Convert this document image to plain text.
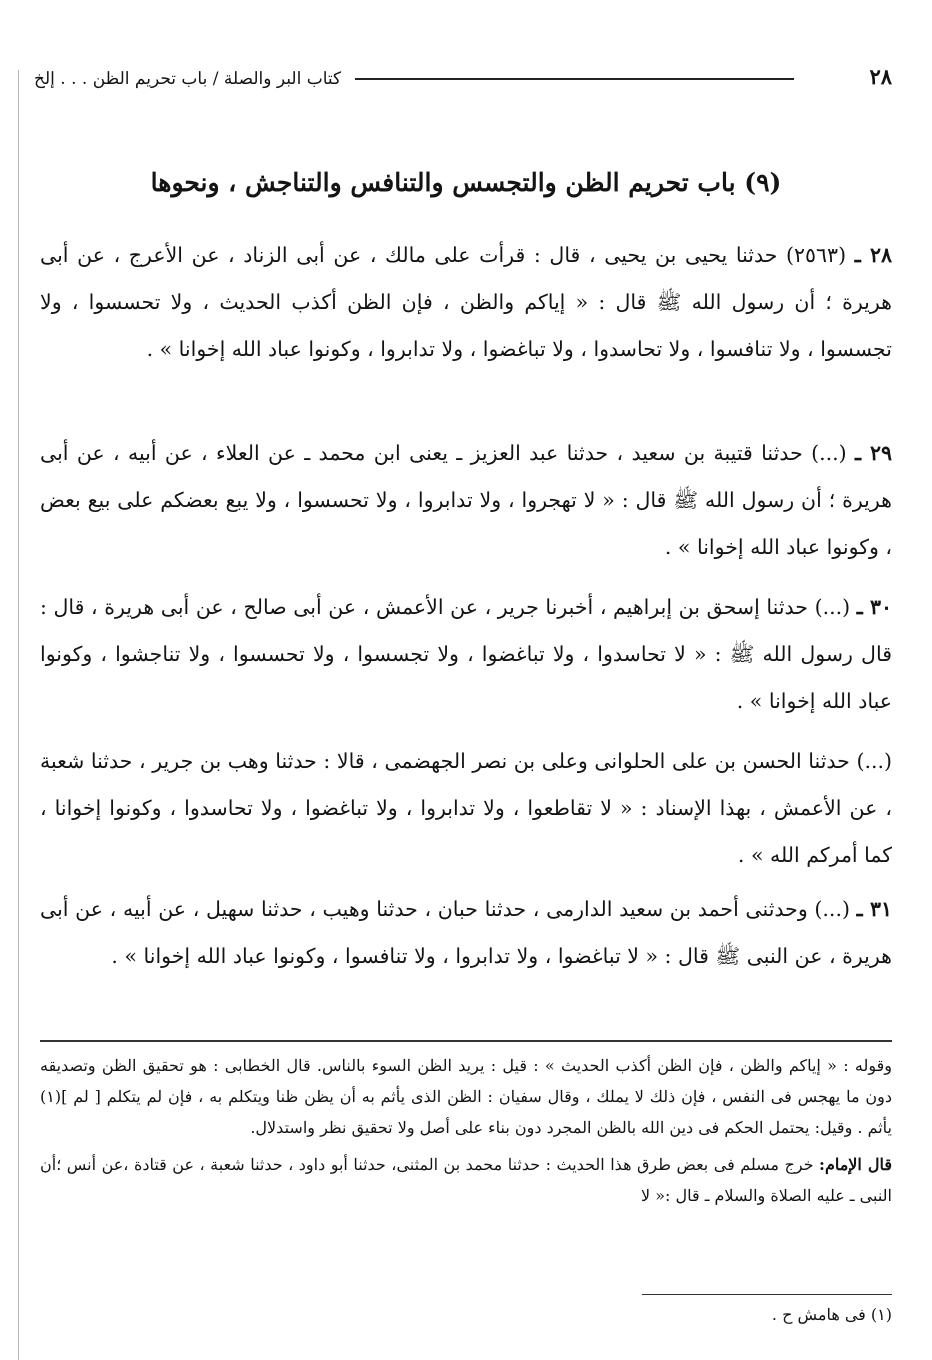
٢٨
كتاب البر والصلة / باب تحريم الظن . . . إلخ
(٩) باب تحريم الظن والتجسس والتنافس والتناجش ، ونحوها
٢٨ ـ (٢٥٦٣) حدثنا يحيى بن يحيى ، قال : قرأت على مالك ، عن أبى الزناد ، عن الأعرج ، عن أبى هريرة ؛ أن رسول الله ﷺ قال : « إياكم والظن ، فإن الظن أكذب الحديث ، ولا تحسسوا ، ولا تجسسوا ، ولا تنافسوا ، ولا تحاسدوا ، ولا تباغضوا ، ولا تدابروا ، وكونوا عباد الله إخوانا » .
٢٩ ـ (...) حدثنا قتيبة بن سعيد ، حدثنا عبد العزيز ـ يعنى ابن محمد ـ عن العلاء ، عن أبيه ، عن أبى هريرة ؛ أن رسول الله ﷺ قال : « لا تهجروا ، ولا تدابروا ، ولا تحسسوا ، ولا يبع بعضكم على بيع بعض ، وكونوا عباد الله إخوانا » .
٣٠ ـ (...) حدثنا إسحق بن إبراهيم ، أخبرنا جرير ، عن الأعمش ، عن أبى صالح ، عن أبى هريرة ، قال : قال رسول الله ﷺ : « لا تحاسدوا ، ولا تباغضوا ، ولا تجسسوا ، ولا تحسسوا ، ولا تناجشوا ، وكونوا عباد الله إخوانا » .
(...) حدثنا الحسن بن على الحلوانى وعلى بن نصر الجهضمى ، قالا : حدثنا وهب بن جرير ، حدثنا شعبة ، عن الأعمش ، بهذا الإسناد : « لا تقاطعوا ، ولا تدابروا ، ولا تباغضوا ، ولا تحاسدوا ، وكونوا إخوانا ، كما أمركم الله » .
٣١ ـ (...) وحدثنى أحمد بن سعيد الدارمى ، حدثنا حبان ، حدثنا وهيب ، حدثنا سهيل ، عن أبيه ، عن أبى هريرة ، عن النبى ﷺ قال : « لا تباغضوا ، ولا تدابروا ، ولا تنافسوا ، وكونوا عباد الله إخوانا » .

وقوله : « إياكم والظن ، فإن الظن أكذب الحديث » : قيل : يريد الظن السوء بالناس. قال الخطابى : هو تحقيق الظن وتصديقه دون ما يهجس فى النفس ، فإن ذلك لا يملك ، وقال سفيان : الظن الذى يأثم به أن يظن ظنا ويتكلم به ، فإن لم يتكلم [ لم ](١) يأثم . وقيل: يحتمل الحكم فى دين الله بالظن المجرد دون بناء على أصل ولا تحقيق نظر واستدلال.

قال الإمام: خرج مسلم فى بعض طرق هذا الحديث : حدثنا محمد بن المثنى، حدثنا أبو داود ، حدثنا شعبة ، عن قتادة ،عن أنس ؛أن النبى ـ عليه الصلاة والسلام ـ قال :« لا

(١) فى هامش ح .
